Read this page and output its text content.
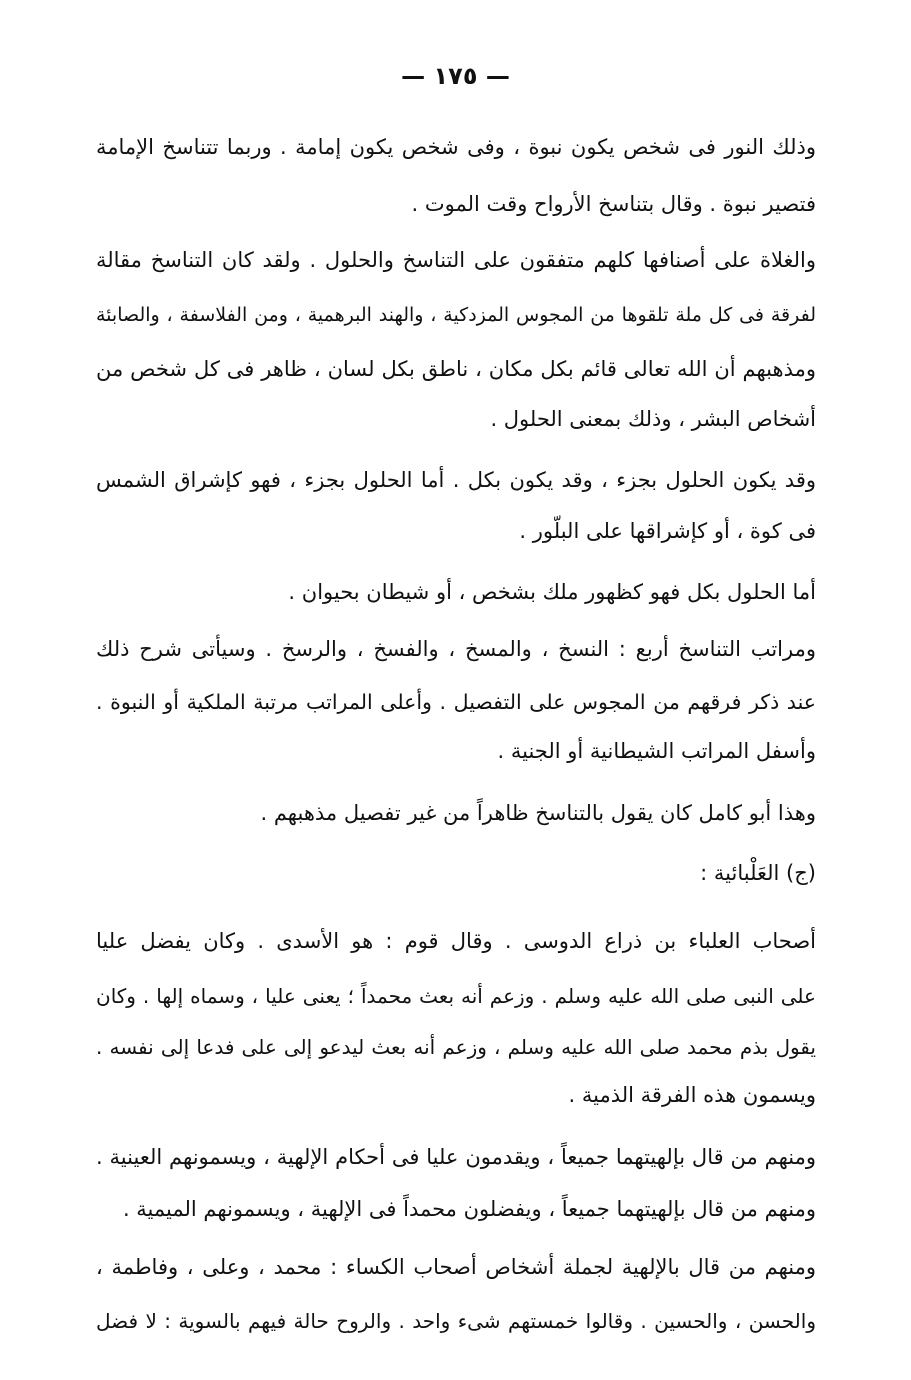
— ١٧٥ —
وذلك النور فى شخص يكون نبوة ، وفى شخص يكون إمامة . وربما تتناسخ الإمامة
فتصير نبوة . وقال بتناسخ الأرواح وقت الموت .
والغلاة على أصنافها كلهم متفقون على التناسخ والحلول . ولقد كان التناسخ مقالة
لفرقة فى كل ملة تلقوها من المجوس المزدكية ، والهند البرهمية ، ومن الفلاسفة ، والصابئة
ومذهبهم أن الله تعالى قائم بكل مكان ، ناطق بكل لسان ، ظاهر فى كل شخص من
أشخاص البشر ، وذلك بمعنى الحلول .
وقد يكون الحلول بجزء ، وقد يكون بكل . أما الحلول بجزء ، فهو كإشراق الشمس
فى كوة ، أو كإشراقها على البلّور .
أما الحلول بكل فهو كظهور ملك بشخص ، أو شيطان بحيوان .
ومراتب التناسخ أربع : النسخ ، والمسخ ، والفسخ ، والرسخ . وسيأتى شرح ذلك
عند ذكر فرقهم من المجوس على التفصيل . وأعلى المراتب مرتبة الملكية أو النبوة .
وأسفل المراتب الشيطانية أو الجنية .
وهذا أبو كامل كان يقول بالتناسخ ظاهراً من غير تفصيل مذهبهم .
(ج) العَلْبائية :
أصحاب العلباء بن ذراع الدوسى . وقال قوم : هو الأسدى . وكان يفضل عليا
على النبى صلى الله عليه وسلم . وزعم أنه بعث محمداً ؛ يعنى عليا ، وسماه إلها . وكان
يقول بذم محمد صلى الله عليه وسلم ، وزعم أنه بعث ليدعو إلى على فدعا إلى نفسه .
ويسمون هذه الفرقة الذمية .
ومنهم من قال بإلهيتهما جميعاً ، ويقدمون عليا فى أحكام الإلهية ، ويسمونهم العينية .
ومنهم من قال بإلهيتهما جميعاً ، ويفضلون محمداً فى الإلهية ، ويسمونهم الميمية .
ومنهم من قال بالإلهية لجملة أشخاص أصحاب الكساء : محمد ، وعلى ، وفاطمة ،
والحسن ، والحسين . وقالوا خمستهم شىء واحد . والروح حالة فيهم بالسوية : لا فضل
